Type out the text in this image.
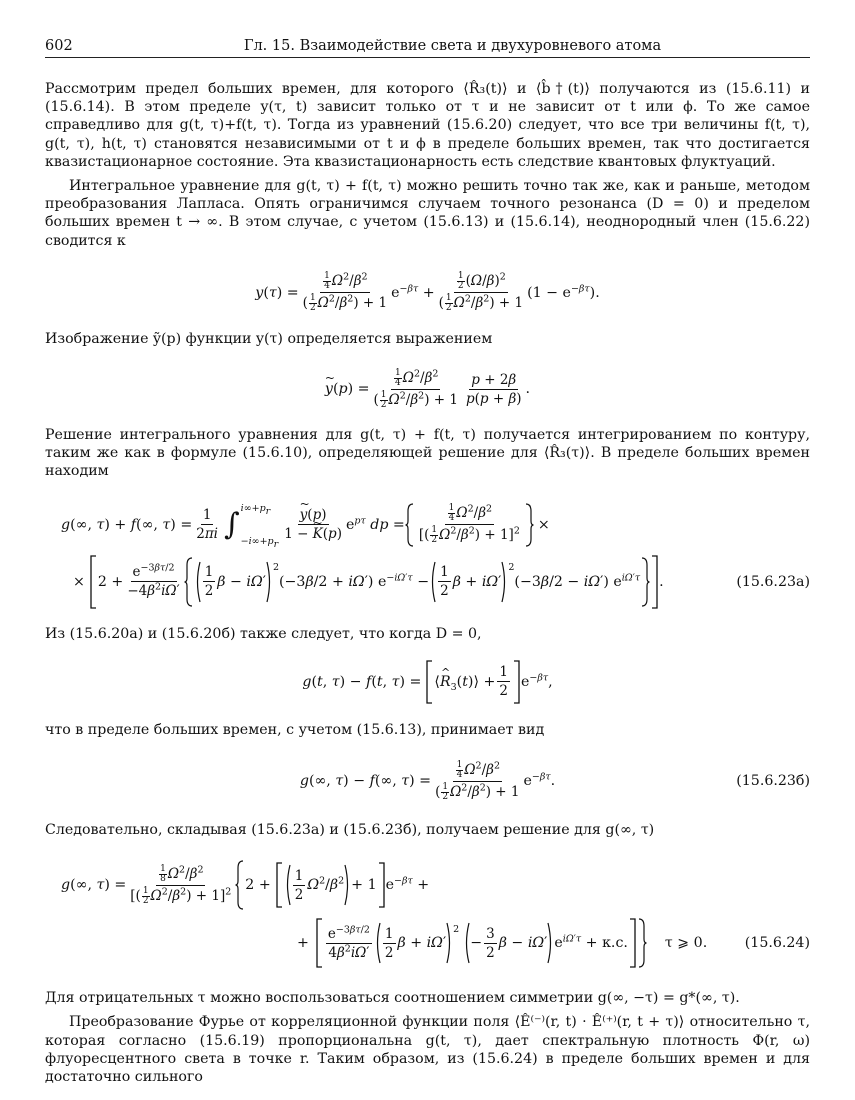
602	Гл. 15. Взаимодействие света и двухуровневого атома

Рассмотрим предел больших времен, для которого ⟨R̂₃(t)⟩ и ⟨b̂†(t)⟩ получаются из (15.6.11) и (15.6.14). В этом пределе y(τ, t) зависит только от τ и не зависит от t или ϕ. То же самое справедливо для g(t, τ)+f(t, τ). Тогда из уравнений (15.6.20) следует, что все три величины f(t, τ), g(t, τ), h(t, τ) становятся независимыми от t и ϕ в пределе больших времен, так что достигается квазистационарное состояние. Эта квазистационарность есть следствие квантовых флуктуаций.

Интегральное уравнение для g(t, τ) + f(t, τ) можно решить точно так же, как и раньше, методом преобразования Лапласа. Опять ограничимся случаем точного резонанса (D = 0) и пределом больших времен t → ∞. В этом случае, с учетом (15.6.13) и (15.6.14), неоднородный член (15.6.22) сводится к

$y(\tau) = \frac{\frac{1}{4} \Omega^2/\beta^2}{( \frac{1}{2} \Omega^2/\beta^2) + 1} e^{-\beta\tau} + \frac{\frac{1}{2} (\Omega/\beta)^2}{( \frac{1}{2} \Omega^2/\beta^2) + 1} (1 - e^{-\beta\tau})$.

Изображение ỹ(p) функции y(τ) определяется выражением

y ~(p) = $\frac{\frac{1}{4} \Omega^2/\beta^2}{( \frac{1}{2} \Omega^2/\beta^2) + 1}$ p + 2β
p(p + β)
.

Решение интегрального уравнения для g(t, τ) + f(t, τ) получается интегрированием по контуру, таким же как в формуле (15.6.10), определяющей решение для ⟨R̂₃(τ)⟩. В пределе больших времен находим

g(∞, τ) + f(∞, $\tau) = \frac{1}{2\pi i}$ ∫ $i\infty+p_r$
$-i\infty+p_r$
y ~(p)
1 − K ~(p)
$e^{p\tau}$ dp =
$\frac{1}{4} \Omega^2/\beta^2$
[( $\frac{1}{2} \Omega^2/\beta^2) + 1]^2$ ×
× $2 + \frac{e^{-3\beta\tau/2}}{-4\beta^2i\Omega'} 1$
2
β − iΩ′
2
(−3β/2 + iΩ′) $e^{-i\Omega'\tau}$ −
1
2
β + iΩ′
2
(−3β/2 − iΩ′) $e^{i\Omega'\tau}$ .	(15.6.23а)

Из (15.6.20а) и (15.6.20б) также следует, что когда D = 0,

g(t, τ) − f(t, τ) = ⟨R $\^{}_3(t)⟩ + \frac{1}{2} e^{-\beta\tau}$,

что в пределе больших времен, с учетом (15.6.13), принимает вид

g(∞, τ) − f(∞, $\tau) = \frac{\frac{1}{4} \Omega^2/\beta^2}{( \frac{1}{2} \Omega^2/\beta^2) + 1} e^{-\beta\tau}$.	(15.6.23б)

Следовательно, складывая (15.6.23а) и (15.6.23б), получаем решение для g(∞, τ)

g(∞, $\tau) = \frac{\frac{1}{8} \Omega^2/\beta^2}{[( \frac{1}{2} \Omega^2/\beta^2) + 1]^2} 2$ +
1
2
$\Omega^2/\beta^2 + 1$ $e^{-\beta\tau}$ +
+
$e^{-3\beta\tau/2}$
$4\beta^2i\Omega'$
1
2
β + iΩ′
2
− $\frac{3}{2}$ β − iΩ′ $e^{i\Omega'\tau} + к.с$.	τ ⩾ 0.	(15.6.24)

Для отрицательных τ можно воспользоваться соотношением симметрии g(∞, −τ) = g*(∞, τ).

Преобразование Фурье от корреляционной функции поля ⟨Ê⁽⁻⁾(r, t) · Ê⁽⁺⁾(r, t + τ)⟩ относительно τ, которая согласно (15.6.19) пропорциональна g(t, τ), дает спектральную плотность Φ(r, ω) флуоресцентного света в точке r. Таким образом, из (15.6.24) в пределе больших времен и для достаточно сильного
